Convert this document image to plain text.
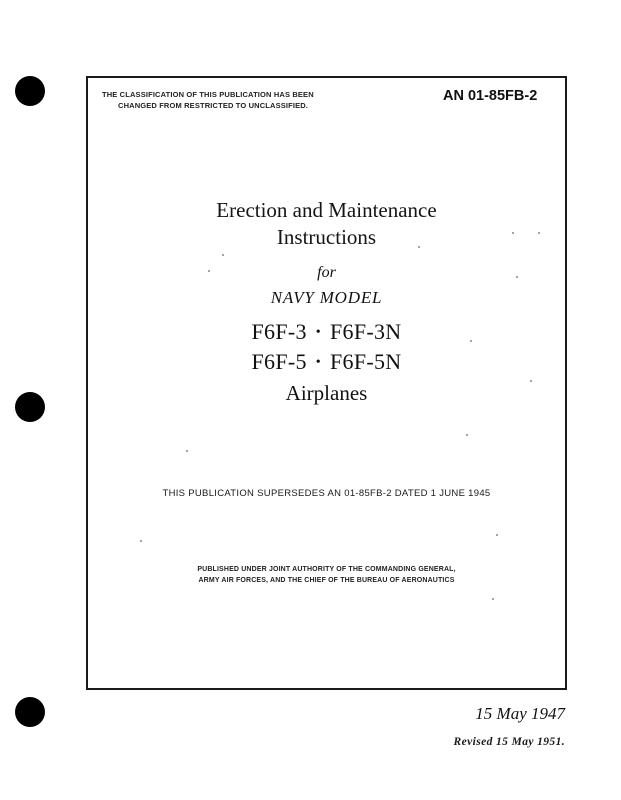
THE CLASSIFICATION OF THIS PUBLICATION HAS BEEN
CHANGED FROM RESTRICTED TO UNCLASSIFIED.
AN 01-85FB-2
Erection and Maintenance
Instructions
for
NAVY MODEL
F6F-3 • F6F-3N
F6F-5 • F6F-5N
Airplanes
THIS PUBLICATION SUPERSEDES AN 01-85FB-2 DATED 1 JUNE 1945
PUBLISHED UNDER JOINT AUTHORITY OF THE COMMANDING GENERAL,
ARMY AIR FORCES, AND THE CHIEF OF THE BUREAU OF AERONAUTICS
15 May 1947
Revised 15 May 1951.
